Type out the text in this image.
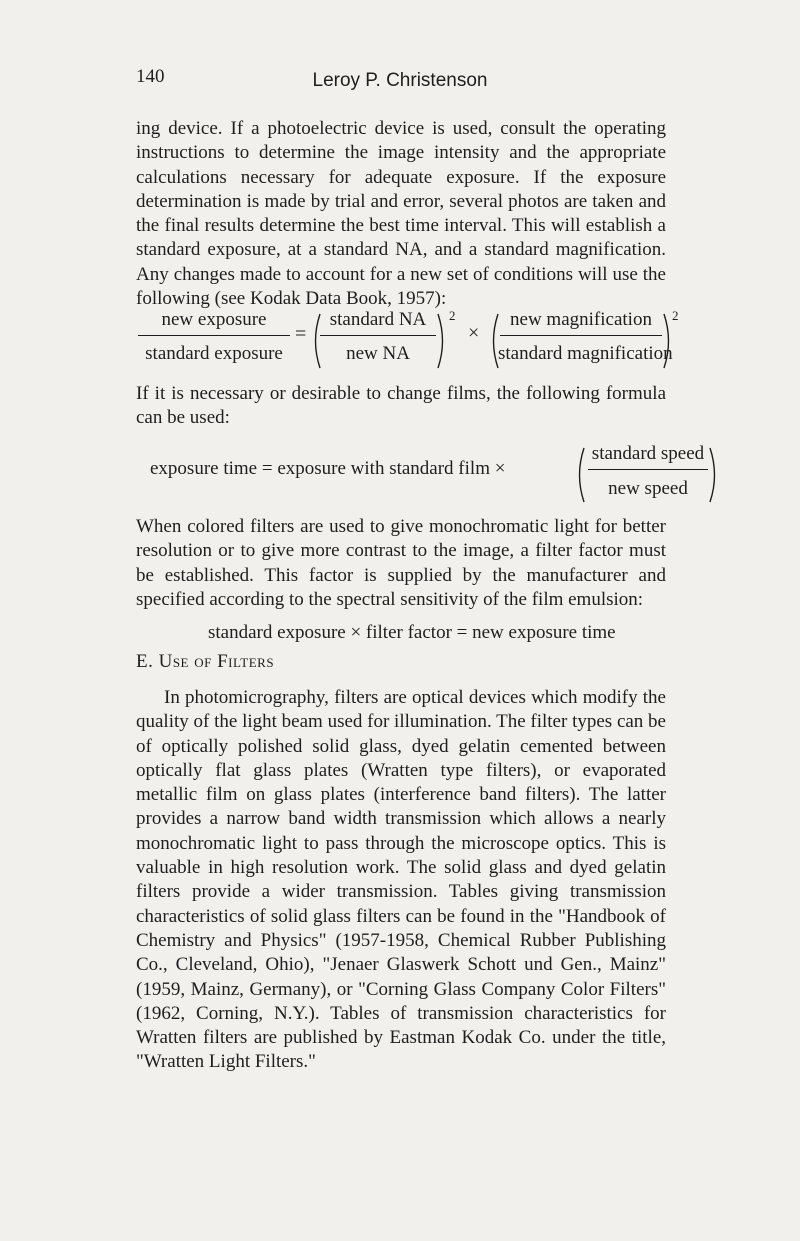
140	Leroy P. Christenson
ing device. If a photoelectric device is used, consult the operating instructions to determine the image intensity and the appropriate calculations necessary for adequate exposure. If the exposure determination is made by trial and error, several photos are taken and the final results determine the best time interval. This will establish a standard exposure, at a standard NA, and a standard magnification. Any changes made to account for a new set of conditions will use the following (see Kodak Data Book, 1957):
new exposure
standard exposure
=
standard NA
new NA
2
×
new magnification
standard magnification
2
If it is necessary or desirable to change films, the following formula can be used:
exposure time = exposure with standard film ×
standard speed
new speed
When colored filters are used to give monochromatic light for better resolution or to give more contrast to the image, a filter factor must be established. This factor is supplied by the manufacturer and specified according to the spectral sensitivity of the film emulsion:
standard exposure × filter factor = new exposure time
E. Use of Filters
In photomicrography, filters are optical devices which modify the quality of the light beam used for illumination. The filter types can be of optically polished solid glass, dyed gelatin cemented between optically flat glass plates (Wratten type filters), or evaporated metallic film on glass plates (interference band filters). The latter provides a narrow band width transmission which allows a nearly monochromatic light to pass through the microscope optics. This is valuable in high resolution work. The solid glass and dyed gelatin filters provide a wider transmission. Tables giving transmission characteristics of solid glass filters can be found in the "Handbook of Chemistry and Physics" (1957-1958, Chemical Rubber Publishing Co., Cleveland, Ohio), "Jenaer Glaswerk Schott und Gen., Mainz" (1959, Mainz, Germany), or "Corning Glass Company Color Filters" (1962, Corning, N.Y.). Tables of transmission characteristics for Wratten filters are published by Eastman Kodak Co. under the title, "Wratten Light Filters."
